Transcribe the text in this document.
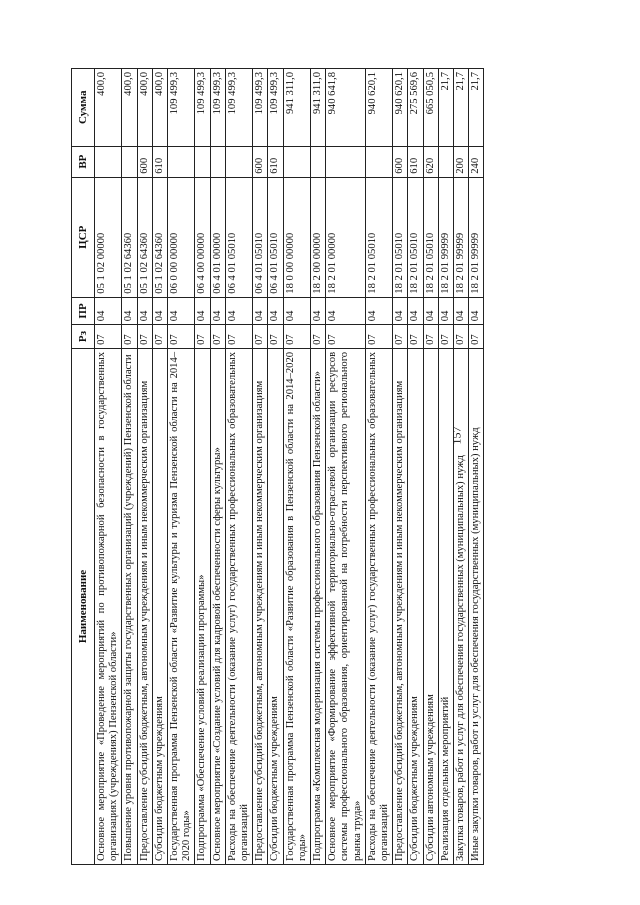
157
Наименование	Рз	ПР	ЦСР	ВР	Сумма
Основное мероприятие «Проведение мероприятий по противопожарной безопасности в государственных организациях (учреждениях) Пензенской области»	07	04	05 1 02 00000		400,0
Повышение уровня противопожарной защиты государственных организаций (учреждений) Пензенской области	07	04	05 1 02 64360		400,0
Предоставление субсидий бюджетным, автономным учреждениям и иным некоммерческим организациям	07	04	05 1 02 64360	600	400,0
Субсидии бюджетным учреждениям	07	04	05 1 02 64360	610	400,0
Государственная программа Пензенской области «Развитие культуры и туризма Пензенской области на 2014–2020 годы»	07	04	06 0 00 00000		109 499,3
Подпрограмма «Обеспечение условий реализации программы»	07	04	06 4 00 00000		109 499,3
Основное мероприятие «Создание условий для кадровой обеспеченности сферы культуры»	07	04	06 4 01 00000		109 499,3
Расходы на обеспечение деятельности (оказание услуг) государственных профессиональных образовательных организаций	07	04	06 4 01 05010		109 499,3
Предоставление субсидий бюджетным, автономным учреждениям и иным некоммерческим организациям	07	04	06 4 01 05010	600	109 499,3
Субсидии бюджетным учреждениям	07	04	06 4 01 05010	610	109 499,3
Государственная программа Пензенской области «Развитие образования в Пензенской области на 2014–2020 годы»	07	04	18 0 00 00000		941 311,0
Подпрограмма «Комплексная модернизация системы профессионального образования Пензенской области»	07	04	18 2 00 00000		941 311,0
Основное мероприятие «Формирование эффективной территориально-отраслевой организации ресурсов системы профессионального образования, ориентированной на потребности перспективного регионального рынка труда»	07	04	18 2 01 00000		940 641,8
Расходы на обеспечение деятельности (оказание услуг) государственных профессиональных образовательных организаций	07	04	18 2 01 05010		940 620,1
Предоставление субсидий бюджетным, автономным учреждениям и иным некоммерческим организациям	07	04	18 2 01 05010	600	940 620,1
Субсидии бюджетным учреждениям	07	04	18 2 01 05010	610	275 569,6
Субсидии автономным учреждениям	07	04	18 2 01 05010	620	665 050,5
Реализация отдельных мероприятий	07	04	18 2 01 99999		21,7
Закупка товаров, работ и услуг для обеспечения государственных (муниципальных) нужд	07	04	18 2 01 99999	200	21,7
Иные закупки товаров, работ и услуг для обеспечения государственных (муниципальных) нужд	07	04	18 2 01 99999	240	21,7
